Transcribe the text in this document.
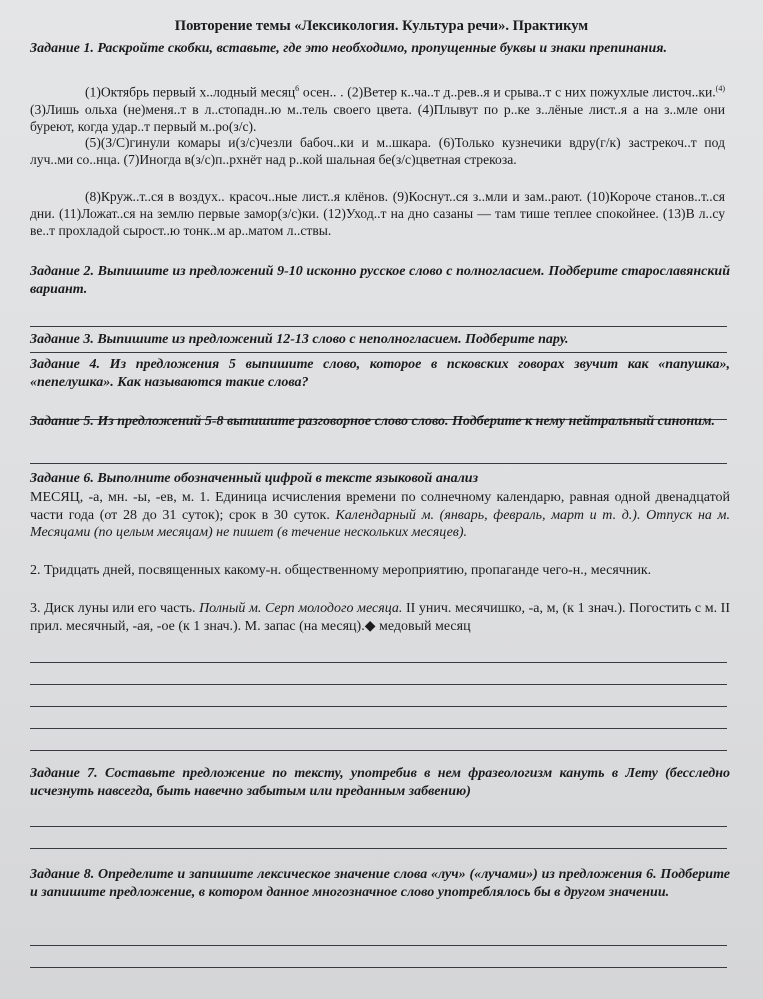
Повторение темы «Лексикология. Культура речи». Практикум
Задание 1. Раскройте скобки, вставьте, где это необходимо, пропущенные буквы и знаки препинания.
(1)Октябрь первый х..лодный месяц$^6$ осен.. . (2)Ветер к..ча..т д..рев..я и срыва..т с них пожухлые листоч..ки.$^{(4)}$ (3)Лишь ольха (не)меня..т в л..стопадн..ю м..тель своего цвета. (4)Плывут по р..ке з..лёные лист..я а на з..мле они буреют, когда удар..т первый м..ро(з/с).
(5)(З/С)гинули комары и(з/с)чезли бабоч..ки и м..шкара. (6)Только кузнечики вдру(г/к) застрекоч..т под луч..ми со..нца. (7)Иногда в(з/с)п..рхнёт над р..кой шальная бе(з/с)цветная стрекоза.
(8)Круж..т..ся в воздух.. красоч..ные лист..я клёнов. (9)Коснут..ся з..мли и зам..рают. (10)Короче станов..т..ся дни. (11)Ложат..ся на землю первые замор(з/с)ки. (12)Уход..т на дно сазаны — там тише теплее спокойнее. (13)В л..су ве..т прохладой сырост..ю тонк..м ар..матом л..ствы.
Задание 2. Выпишите из предложений 9-10 исконно русское слово с полногласием. Подберите старославянский вариант.
Задание 3. Выпишите из предложений 12-13 слово с неполногласием. Подберите пару.
Задание 4. Из предложения 5 выпишите слово, которое в псковских говорах звучит как «папушка», «пепелушка». Как называются такие слова?
Задание 5. Из предложений 5-8 выпишите разговорное слово слово. Подберите к нему нейтральный синоним.
Задание 6. Выполните обозначенный цифрой в тексте языковой анализ
МЕСЯЦ, -а, мн. -ы, -ев, м. 1. Единица исчисления времени по солнечному календарю, равная одной двенадцатой части года (от 28 до 31 суток); срок в 30 суток. Календарный м. (январь, февраль, март и т. д.). Отпуск на м. Месяцами (по целым месяцам) не пишет (в течение нескольких месяцев).
2. Тридцать дней, посвященных какому-н. общественному мероприятию, пропаганде чего-н., месячник.
3. Диск луны или его часть. Полный м. Серп молодого месяца. II унич. месячишко, -а, м, (к 1 знач.). Погостить с м. II прил. месячный, -ая, -ое (к 1 знач.). М. запас (на месяц).◆ медовый месяц
Задание 7. Составьте предложение по тексту, употребив в нем фразеологизм кануть в Лету (бесследно исчезнуть навсегда, быть навечно забытым или преданным забвению)
Задание 8. Определите и запишите лексическое значение слова «луч» («лучами») из предложения 6. Подберите и запишите предложение, в котором данное многозначное слово употреблялось бы в другом значении.
